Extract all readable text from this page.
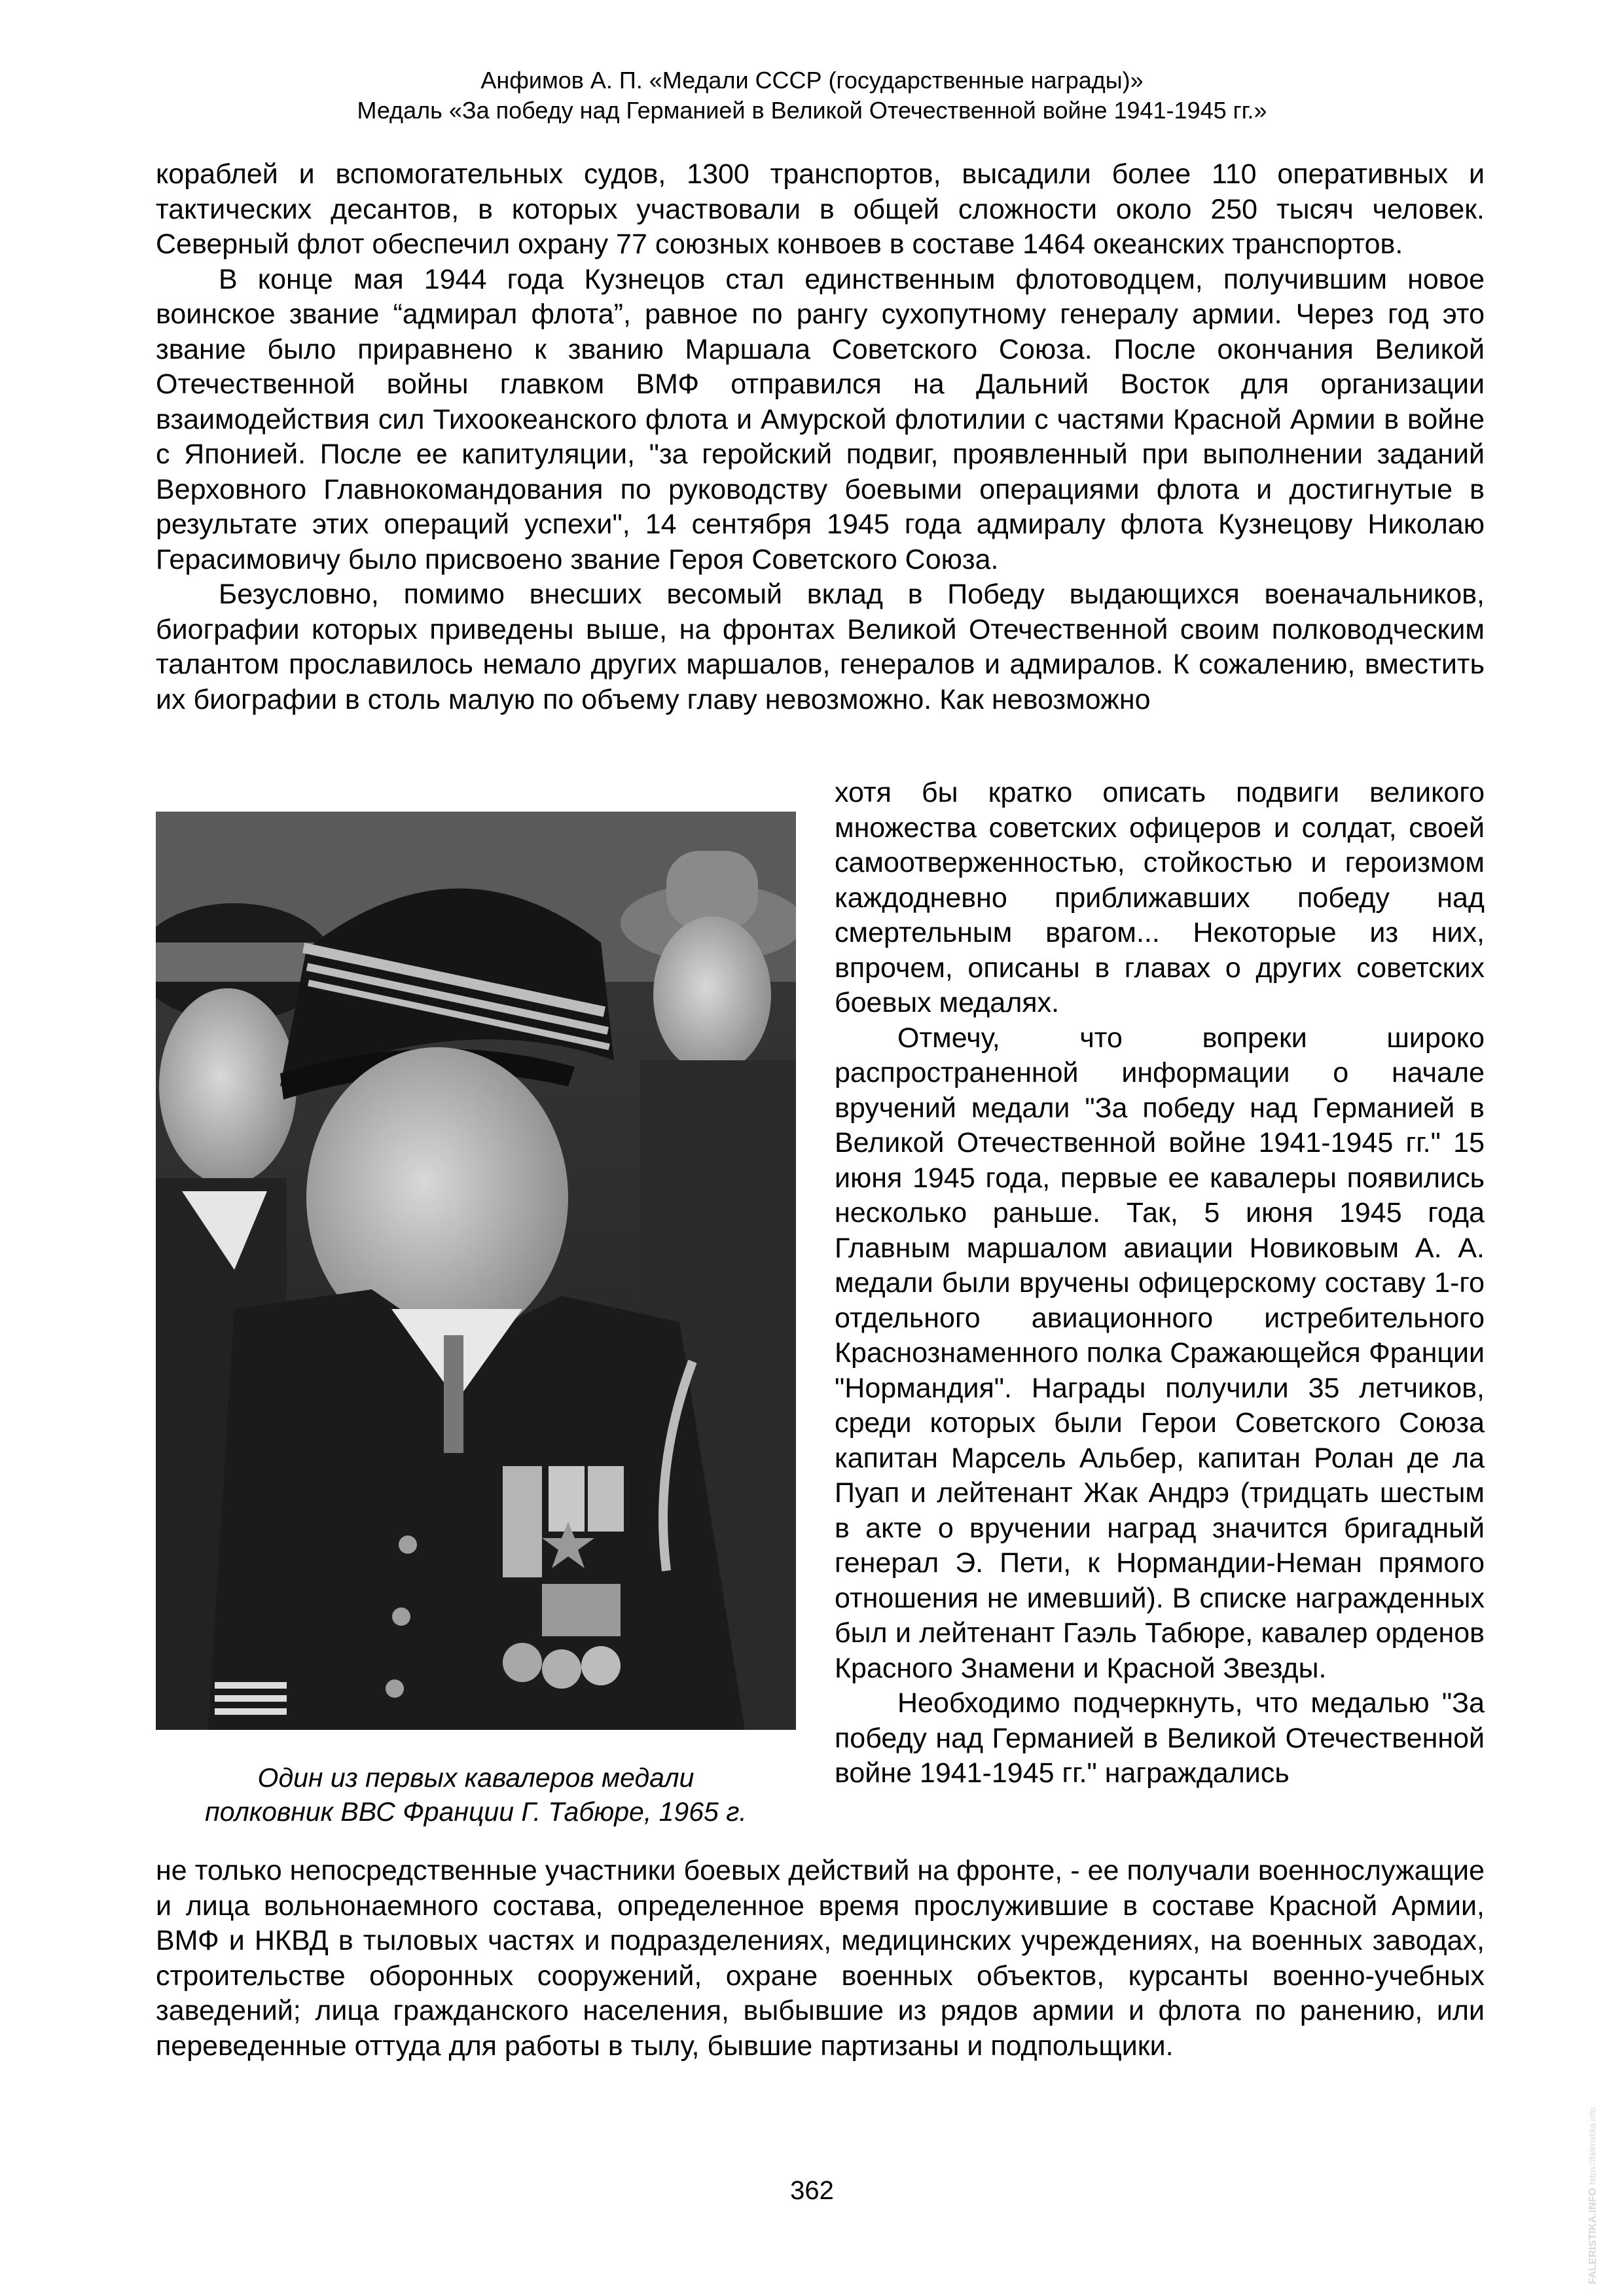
Анфимов А. П. «Медали СССР (государственные награды)»
Медаль «За победу над Германией в Великой Отечественной войне 1941-1945 гг.»

кораблей и вспомогательных судов, 1300 транспортов, высадили более 110 оперативных и тактических десантов, в которых участвовали в общей сложности около 250 тысяч человек. Северный флот обеспечил охрану 77 союзных конвоев в составе 1464 океанских транспортов.

В конце мая 1944 года Кузнецов стал единственным флотоводцем, получившим новое воинское звание “адмирал флота”, равное по рангу сухопутному генералу армии. Через год это звание было приравнено к званию Маршала Советского Союза. После окончания Великой Отечественной войны главком ВМФ отправился на Дальний Восток для организации взаимодействия сил Тихоокеанского флота и Амурской флотилии с частями Красной Армии в войне с Японией. После ее капитуляции, "за геройский подвиг, проявленный при выполнении заданий Верховного Главнокомандования по руководству боевыми операциями флота и достигнутые в результате этих операций успехи", 14 сентября 1945 года адмиралу флота Кузнецову Николаю Герасимовичу было присвоено звание Героя Советского Союза.

Безусловно, помимо внесших весомый вклад в Победу выдающихся военачальников, биографии которых приведены выше, на фронтах Великой Отечественной своим полководческим талантом прославилось немало других маршалов, генералов и адмиралов. К сожалению, вместить их биографии в столь малую по объему главу невозможно. Как невозможно

хотя бы кратко описать подвиги великого множества советских офицеров и солдат, своей самоотверженностью, стойкостью и героизмом каждодневно приближавших победу над смертельным врагом... Некоторые из них, впрочем, описаны в главах о других советских боевых медалях.

Отмечу, что вопреки широко распространенной информации о начале вручений медали "За победу над Германией в Великой Отечественной войне 1941-1945 гг." 15 июня 1945 года, первые ее кавалеры появились несколько раньше. Так, 5 июня 1945 года Главным маршалом авиации Новиковым А. А. медали были вручены офицерскому составу 1-го отдельного авиационного истребительного Краснознаменного полка Сражающейся Франции "Нормандия". Награды получили 35 летчиков, среди которых были Герои Советского Союза капитан Марсель Альбер, капитан Ролан де ла Пуап и лейтенант Жак Андрэ (тридцать шестым в акте о вручении наград значится бригадный генерал Э. Пети, к Нормандии-Неман прямого отношения не имевший). В списке награжденных был и лейтенант Гаэль Табюре, кавалер орденов Красного Знамени и Красной Звезды.

Необходимо подчеркнуть, что медалью "За победу над Германией в Великой Отечественной войне 1941-1945 гг." награждались

Один из первых кавалеров медали
полковник ВВС Франции Г. Табюре, 1965 г.

не только непосредственные участники боевых действий на фронте, - ее получали военнослужащие и лица вольнонаемного состава, определенное время прослужившие в составе Красной Армии, ВМФ и НКВД в тыловых частях и подразделениях, медицинских учреждениях, на военных заводах, строительстве оборонных сооружений, охране военных объектов, курсанты военно-учебных заведений; лица гражданского населения, выбывшие из рядов армии и флота по ранению, или переведенные оттуда для работы в тылу, бывшие партизаны и подпольщики.

362	FALERISTIKA.INFO
https://faleristika.info
